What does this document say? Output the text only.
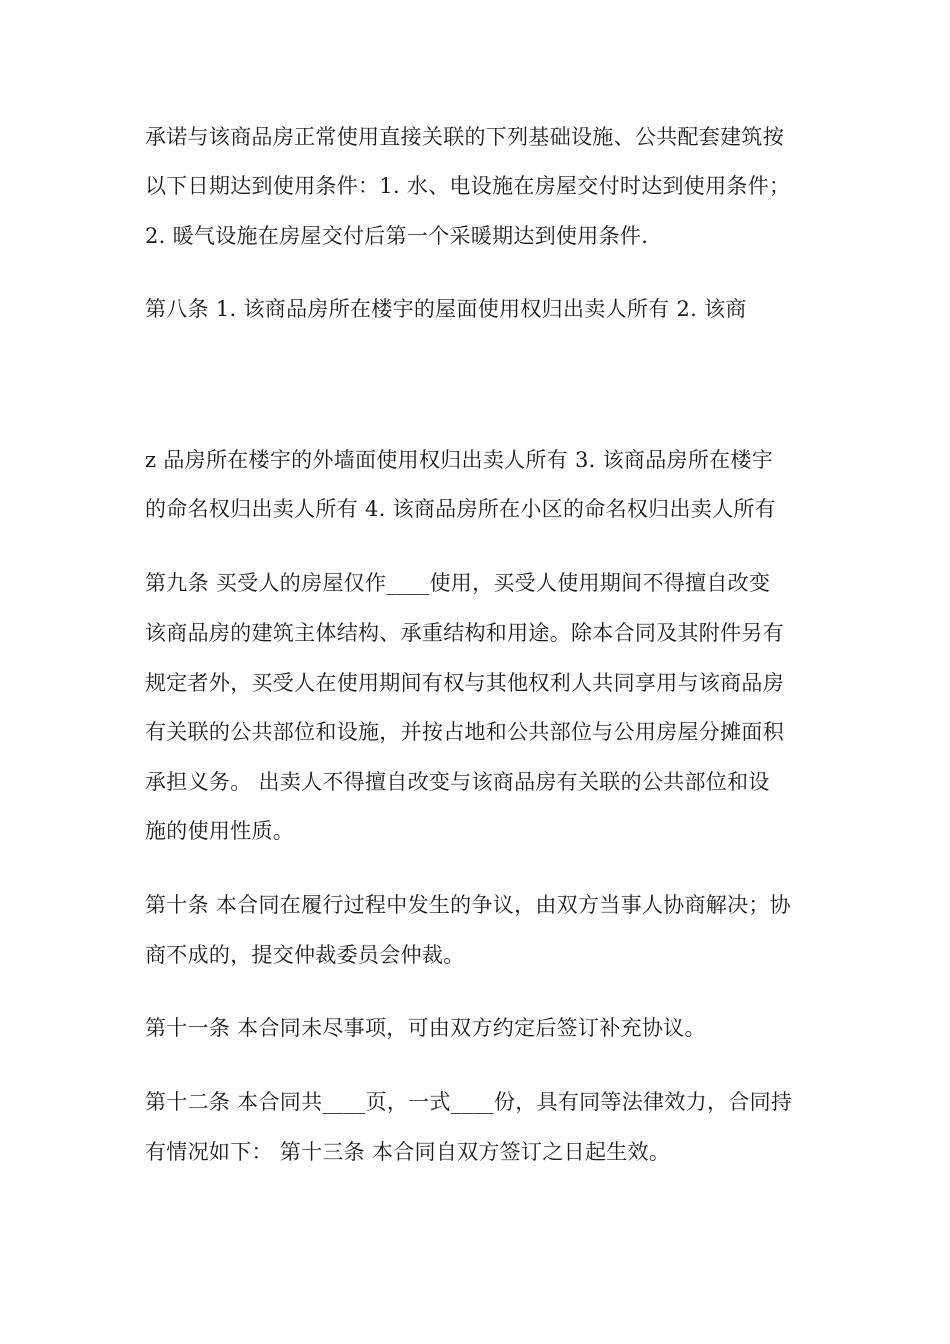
承诺与该商品房正常使用直接关联的下列基础设施、公共配套建筑按
以下日期达到使用条件：1. 水、电设施在房屋交付时达到使用条件；
2. 暖气设施在房屋交付后第一个采暖期达到使用条件.
第八条 1. 该商品房所在楼宇的屋面使用权归出卖人所有 2. 该商
z 品房所在楼宇的外墙面使用权归出卖人所有 3. 该商品房所在楼宇
的命名权归出卖人所有 4. 该商品房所在小区的命名权归出卖人所有
第九条 买受人的房屋仅作____使用，买受人使用期间不得擅自改变
该商品房的建筑主体结构、承重结构和用途。除本合同及其附件另有
规定者外，买受人在使用期间有权与其他权利人共同享用与该商品房
有关联的公共部位和设施，并按占地和公共部位与公用房屋分摊面积
承担义务。 出卖人不得擅自改变与该商品房有关联的公共部位和设
施的使用性质。
第十条 本合同在履行过程中发生的争议，由双方当事人协商解决；协
商不成的，提交仲裁委员会仲裁。
第十一条 本合同未尽事项，可由双方约定后签订补充协议。
第十二条 本合同共____页，一式____份，具有同等法律效力，合同持
有情况如下： 第十三条 本合同自双方签订之日起生效。
